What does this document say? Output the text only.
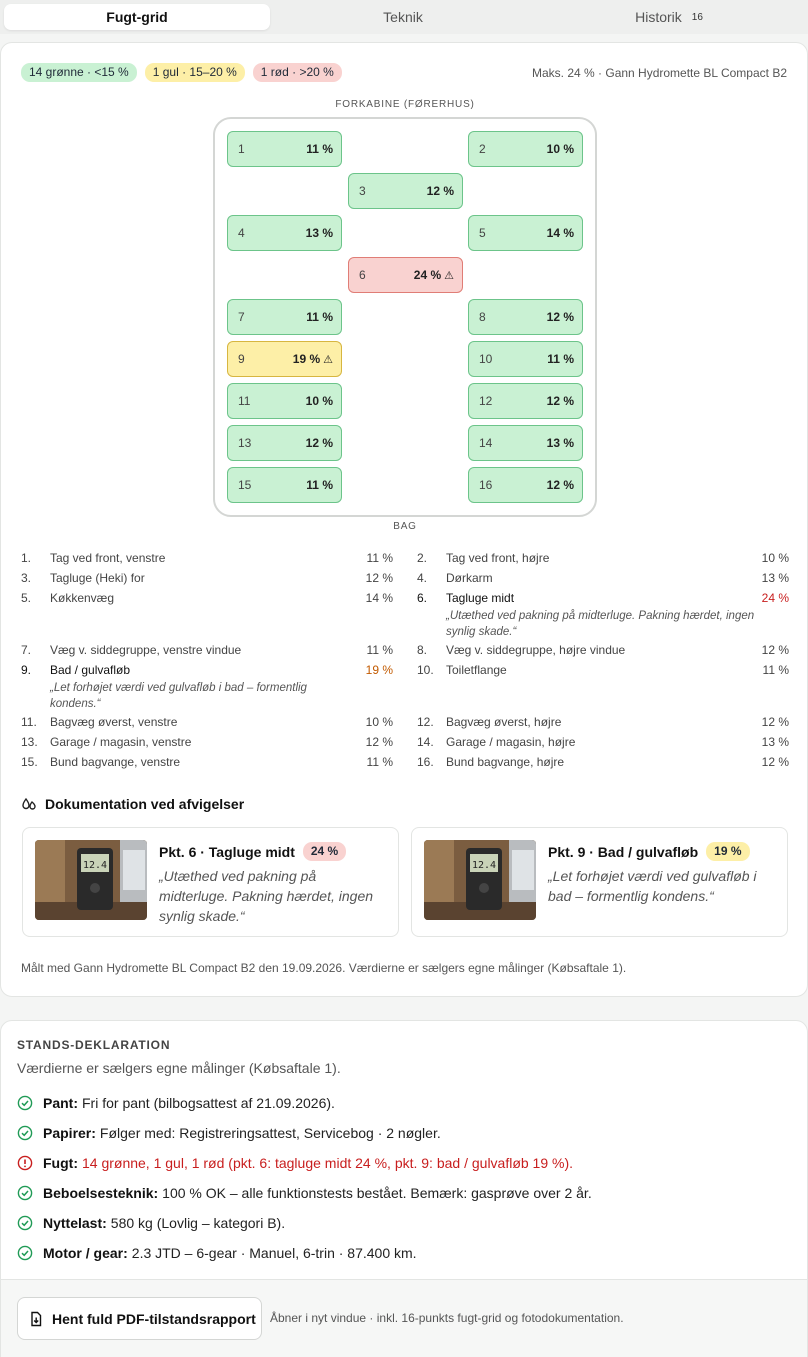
Fugt-grid	Teknik	Historik 16
14 grønne · <15 %	1 gul · 15–20 %	1 rød · >20 %	Maks. 24 % · Gann Hydromette BL Compact B2
FORKABINE (FØRERHUS)
1	11 %	2	10 %
3	12 %
4	13 %	5	14 %
6	24 % ⚠
7	11 %	8	12 %
9	19 % ⚠	10	11 %
11	10 %	12	12 %
13	12 %	14	13 %
15	11 %	16	12 %
BAG
1. Tag ved front, venstre	11 % 2. Tag ved front, højre	10 %
3. Tagluge (Heki) for	12 % 4. Dørkarm	13 %
5. Køkkenvæg	14 % 6. Tagluge midt	24 %
„Utæthed ved pakning på midterluge. Pakning hærdet, ingen synlig skade.“
7. Væg v. siddegruppe, venstre vindue	11 % 8. Væg v. siddegruppe, højre vindue	12 %
9. Bad / gulvafløb	19 %
„Let forhøjet værdi ved gulvafløb i bad – formentlig kondens.“
10. Toiletflange	11 %
11. Bagvæg øverst, venstre	10 % 12. Bagvæg øverst, højre	12 %
13. Garage / magasin, venstre	12 % 14. Garage / magasin, højre	13 %
15. Bund bagvange, venstre	11 % 16. Bund bagvange, højre	12 %
Dokumentation ved afvigelser
12.4
Pkt. 6 · Tagluge midt	24 %
„Utæthed ved pakning på midterluge. Pakning hærdet, ingen synlig skade.“
12.4
Pkt. 9 · Bad / gulvafløb	19 %
„Let forhøjet værdi ved gulvafløb i bad – formentlig kondens.“
Målt med Gann Hydromette BL Compact B2 den 19.09.2026. Værdierne er sælgers egne målinger (Købsaftale 1).
STANDS-DEKLARATION
Værdierne er sælgers egne målinger (Købsaftale 1).
Pant: Fri for pant (bilbogsattest af 21.09.2026).
Papirer: Følger med: Registreringsattest, Servicebog · 2 nøgler.
Fugt: 14 grønne, 1 gul, 1 rød (pkt. 6: tagluge midt 24 %, pkt. 9: bad / gulvafløb 19 %).
Beboelsesteknik: 100 % OK – alle funktionstests bestået. Bemærk: gasprøve over 2 år.
Nyttelast: 580 kg (Lovlig – kategori B).
Motor / gear: 2.3 JTD – 6-gear · Manuel, 6-trin · 87.400 km.
Hent fuld PDF-tilstandsrapport Åbner i nyt vindue · inkl. 16-punkts fugt-grid og fotodokumentation.
